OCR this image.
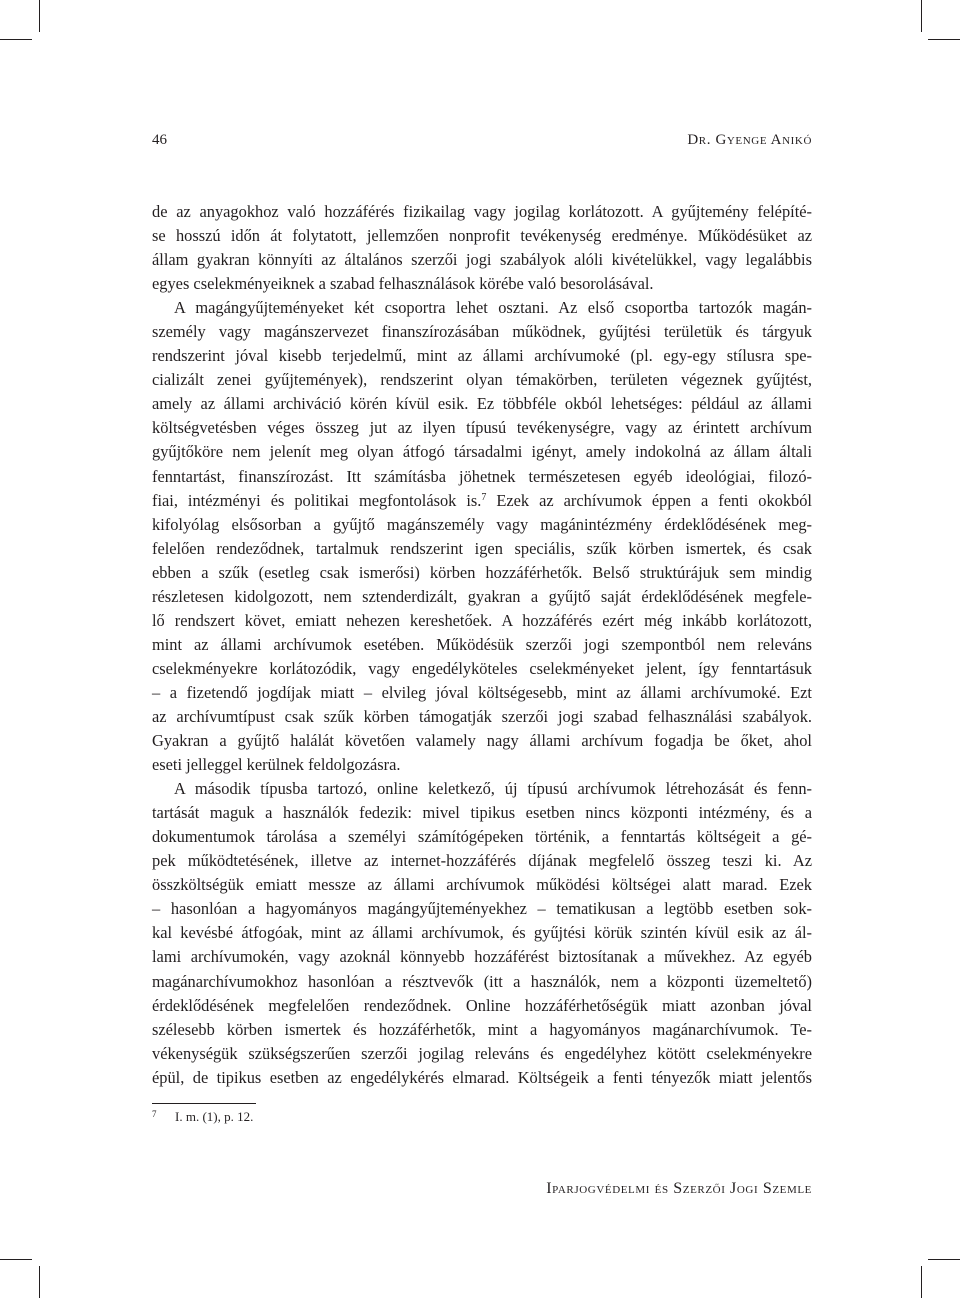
46	Dr. Gyenge Anikó
de az anyagokhoz való hozzáférés fizikailag vagy jogilag korlátozott. A gyűjtemény felépíté-
se hosszú időn át folytatott, jellemzően nonprofit tevékenység eredménye. Működésüket az
állam gyakran könnyíti az általános szerzői jogi szabályok alóli kivételükkel, vagy legalábbis
egyes cselekményeiknek a szabad felhasználások körébe való besorolásával.
A magángyűjteményeket két csoportra lehet osztani. Az első csoportba tartozók magán-
személy vagy magánszervezet finanszírozásában működnek, gyűjtési területük és tárgyuk
rendszerint jóval kisebb terjedelmű, mint az állami archívumoké (pl. egy-egy stílusra spe-
cializált zenei gyűjtemények), rendszerint olyan témakörben, területen végeznek gyűjtést,
amely az állami archiváció körén kívül esik. Ez többféle okból lehetséges: például az állami
költségvetésben véges összeg jut az ilyen típusú tevékenységre, vagy az érintett archívum
gyűjtőköre nem jelenít meg olyan átfogó társadalmi igényt, amely indokolná az állam általi
fenntartást, finanszírozást. Itt számításba jöhetnek természetesen egyéb ideológiai, filozó-
fiai, intézményi és politikai megfontolások is.$^7$ Ezek az archívumok éppen a fenti okokból
kifolyólag elsősorban a gyűjtő magánszemély vagy magánintézmény érdeklődésének meg-
felelően rendeződnek, tartalmuk rendszerint igen speciális, szűk körben ismertek, és csak
ebben a szűk (esetleg csak ismerősi) körben hozzáférhetők. Belső struktúrájuk sem mindig
részletesen kidolgozott, nem sztenderdizált, gyakran a gyűjtő saját érdeklődésének megfele-
lő rendszert követ, emiatt nehezen kereshetőek. A hozzáférés ezért még inkább korlátozott,
mint az állami archívumok esetében. Működésük szerzői jogi szempontból nem releváns
cselekményekre korlátozódik, vagy engedélyköteles cselekményeket jelent, így fenntartásuk
– a fizetendő jogdíjak miatt – elvileg jóval költségesebb, mint az állami archívumoké. Ezt
az archívumtípust csak szűk körben támogatják szerzői jogi szabad felhasználási szabályok.
Gyakran a gyűjtő halálát követően valamely nagy állami archívum fogadja be őket, ahol
eseti jelleggel kerülnek feldolgozásra.
A második típusba tartozó, online keletkező, új típusú archívumok létrehozását és fenn-
tartását maguk a használók fedezik: mivel tipikus esetben nincs központi intézmény, és a
dokumentumok tárolása a személyi számítógépeken történik, a fenntartás költségeit a gé-
pek működtetésének, illetve az internet-hozzáférés díjának megfelelő összeg teszi ki. Az
összköltségük emiatt messze az állami archívumok működési költségei alatt marad. Ezek
– hasonlóan a hagyományos magángyűjteményekhez – tematikusan a legtöbb esetben sok-
kal kevésbé átfogóak, mint az állami archívumok, és gyűjtési körük szintén kívül esik az ál-
lami archívumokén, vagy azoknál könnyebb hozzáférést biztosítanak a művekhez. Az egyéb
magánarchívumokhoz hasonlóan a résztvevők (itt a használók, nem a központi üzemeltető)
érdeklődésének megfelelően rendeződnek. Online hozzáférhetőségük miatt azonban jóval
szélesebb körben ismertek és hozzáférhetők, mint a hagyományos magánarchívumok. Te-
vékenységük szükségszerűen szerzői jogilag releváns és engedélyhez kötött cselekményekre
épül, de tipikus esetben az engedélykérés elmarad. Költségeik a fenti tényezők miatt jelentős
7 I. m. (1), p. 12.
Iparjogvédelmi és Szerzői Jogi Szemle
